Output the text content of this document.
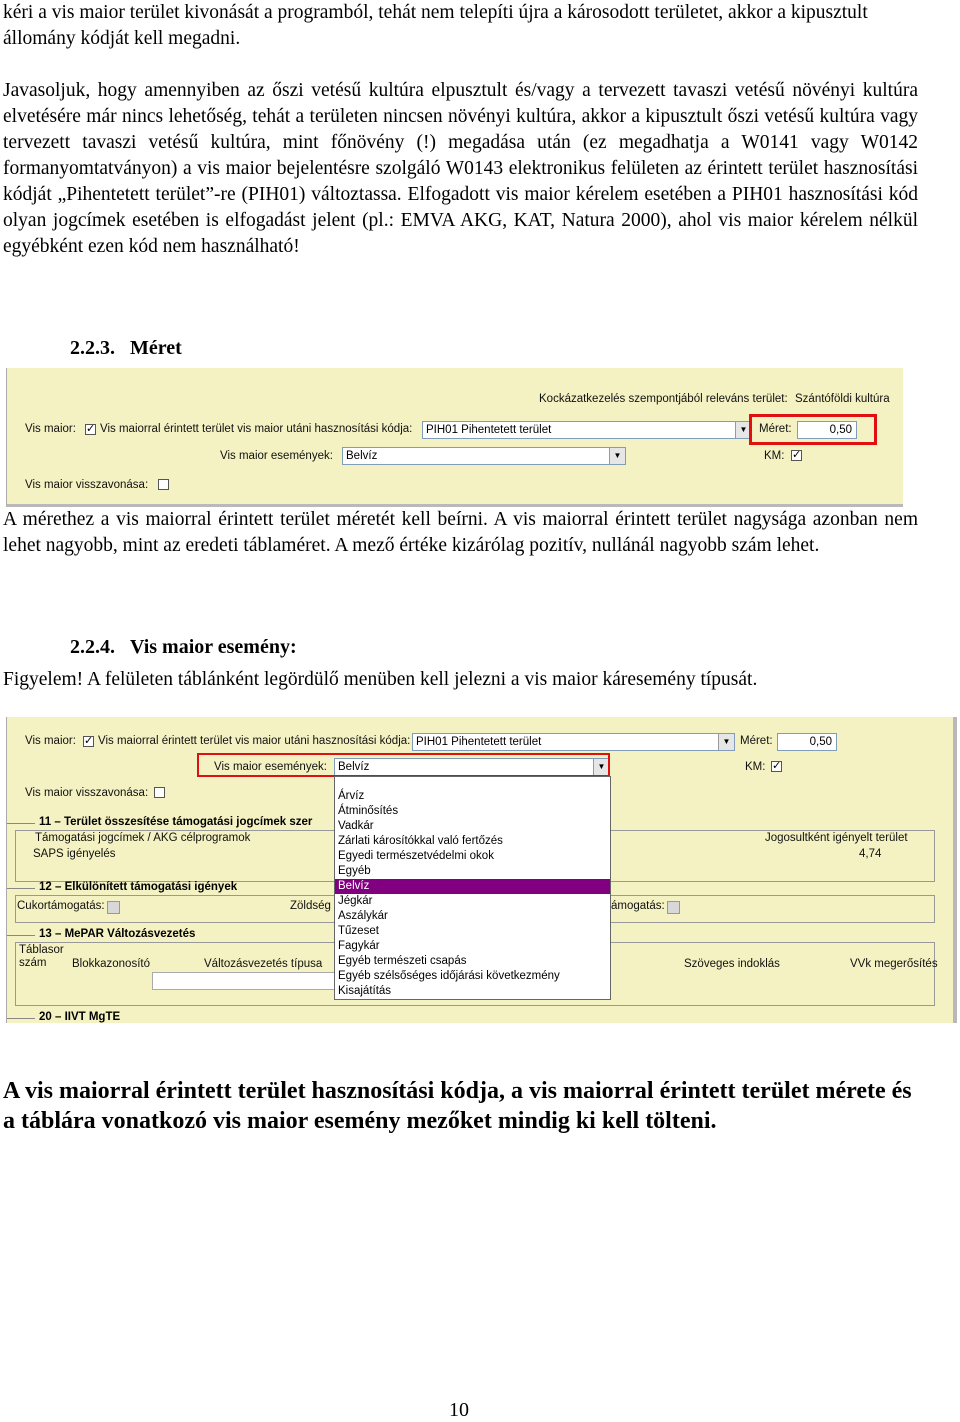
kéri a vis maior terület kivonását a programból, tehát nem telepíti újra a károsodott területet, akkor a kipusztult állomány kódját kell megadni.

Javasoljuk, hogy amennyiben az őszi vetésű kultúra elpusztult és/vagy a tervezett tavaszi vetésű növényi kultúra elvetésére már nincs lehetőség, tehát a területen nincsen növényi kultúra, akkor a kipusztult őszi vetésű kultúra vagy tervezett tavaszi vetésű kultúra, mint főnövény (!) megadása után (ez megadhatja a W0141 vagy W0142 formanyomtatványon) a vis maior bejelentésre szolgáló W0143 elektronikus felületen az érintett terület hasznosítási kódját „Pihentetett terület”-re (PIH01) változtassa. Elfogadott vis maior kérelem esetében a PIH01 hasznosítási kód olyan jogcímek esetében is elfogadást jelent (pl.: EMVA AKG, KAT, Natura 2000), ahol vis maior kérelem nélkül egyébként ezen kód nem használható!

2.2.3. Méret
Kockázatkezelés szempontjából releváns terület: Szántóföldi kultúra
Vis maior: ✓ Vis maiorral érintett terület vis maior utáni hasznosítási kódja:	PIH01 Pihentetett terület	▼	Méret:	0,50
Vis maior események:	Belvíz	▼	KM:
✓
Vis maior visszavonása:

A mérethez a vis maiorral érintett terület méretét kell beírni. A vis maiorral érintett terület nagysága azonban nem lehet nagyobb, mint az eredeti táblaméret. A mező értéke kizárólag pozitív, nullánál nagyobb szám lehet.

2.2.4. Vis maior esemény:

Figyelem! A felületen táblánként legördülő menüben kell jelezni a vis maior káresemény típusát.

Vis maior: ✓ Vis maiorral érintett terület vis maior utáni hasznosítási kódja: PIH01 Pihentetett terület	▼ Méret:	0,50
Vis maior események: Belvíz	▼	KM:
✓
Vis maior visszavonása:
11 – Terület összesítése támogatási jogcímek szer
Támogatási jogcímek / AKG célprogramok
SAPS igényelés
Jogosultként igényelt terület
4,74
12 – Elkülönített támogatási igények
Cukortámogatás:	Zöldség	ámogatás:
13 – MePAR Változásvezetés
Táblasor szám	Blokkazonosító	Változásvezetés típusa	Szöveges indoklás	VVk megerősítés
20 – IIVT MgTE
Árvíz
Átminősítés
Vadkár
Zárlati károsítókkal való fertőzés
Egyedi természetvédelmi okok
Egyéb
Belvíz
Jégkár
Aszálykár
Tűzeset
Fagykár
Egyéb természeti csapás
Egyéb szélsőséges időjárási következmény
Kisajátítás

A vis maiorral érintett terület hasznosítási kódja, a vis maiorral érintett terület mérete és a táblára vonatkozó vis maior esemény mezőket mindig ki kell tölteni.

10
